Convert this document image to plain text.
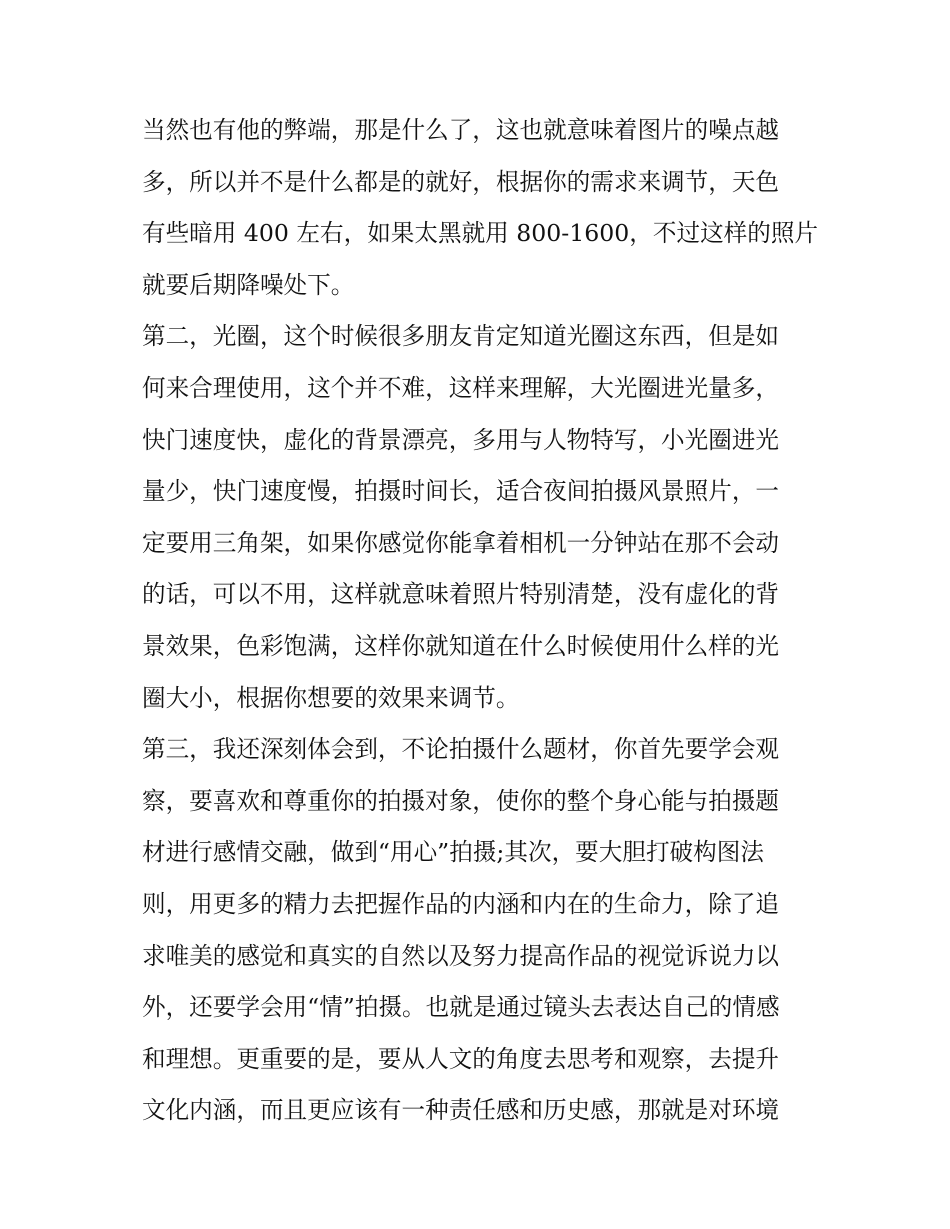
当然也有他的弊端，那是什么了，这也就意味着图片的噪点越
多，所以并不是什么都是的就好，根据你的需求来调节，天色
有些暗用 400 左右，如果太黑就用 800-1600，不过这样的照片
就要后期降噪处下。
第二，光圈，这个时候很多朋友肯定知道光圈这东西，但是如
何来合理使用，这个并不难，这样来理解，大光圈进光量多，
快门速度快，虚化的背景漂亮，多用与人物特写，小光圈进光
量少，快门速度慢，拍摄时间长，适合夜间拍摄风景照片，一
定要用三角架，如果你感觉你能拿着相机一分钟站在那不会动
的话，可以不用，这样就意味着照片特别清楚，没有虚化的背
景效果，色彩饱满，这样你就知道在什么时候使用什么样的光
圈大小，根据你想要的效果来调节。
第三，我还深刻体会到，不论拍摄什么题材，你首先要学会观
察，要喜欢和尊重你的拍摄对象，使你的整个身心能与拍摄题
材进行感情交融，做到“用心”拍摄;其次，要大胆打破构图法
则，用更多的精力去把握作品的内涵和内在的生命力，除了追
求唯美的感觉和真实的自然以及努力提高作品的视觉诉说力以
外，还要学会用“情”拍摄。也就是通过镜头去表达自己的情感
和理想。更重要的是，要从人文的角度去思考和观察，去提升
文化内涵，而且更应该有一种责任感和历史感，那就是对环境
